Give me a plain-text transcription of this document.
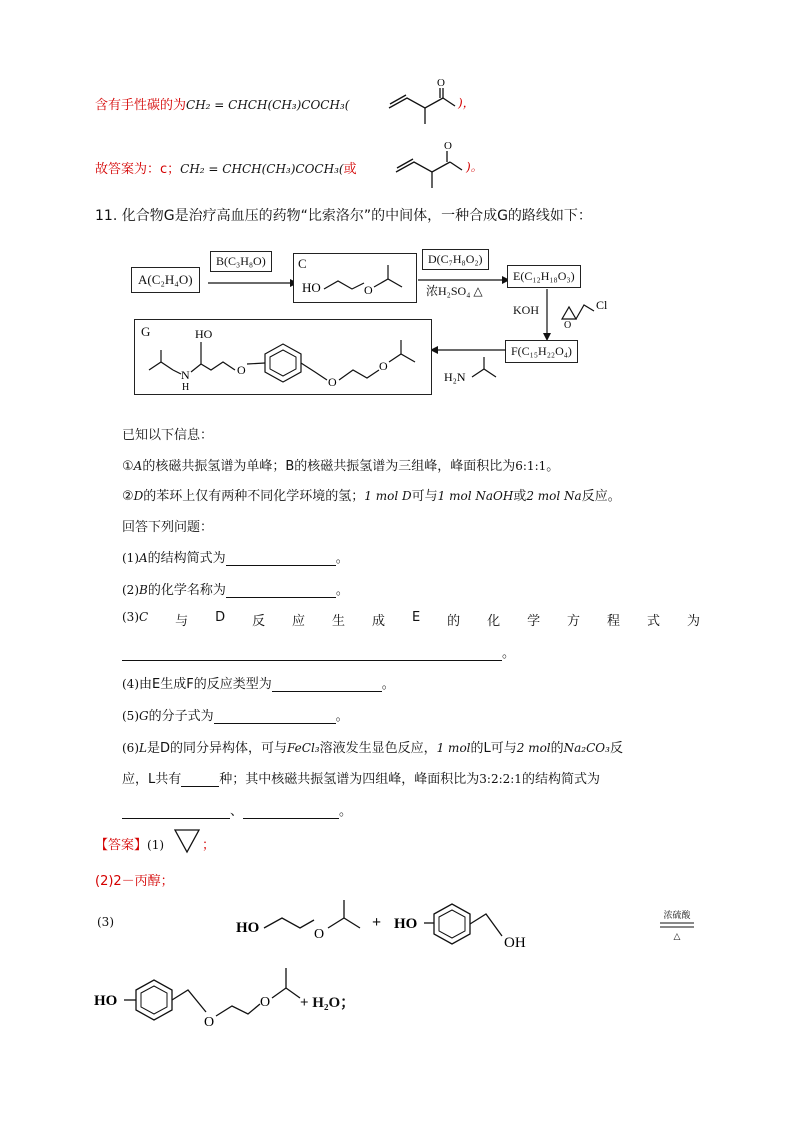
含有手性碳的为CH₂ = CHCH(CH₃)COCH₃(
O
)，
故答案为：c；CH₂ = CHCH(CH₃)COCH₃(或
O
)。
11. 化合物G是治疗高血压的药物“比索洛尔”的中间体，一种合成G的路线如下：
A(C₂H₄O)
B(C₃H₈O)	C
HO	O
D(C₇H₈O₂)
浓H₂SO₄ △
E(C₁₂H₁₈O₃)
KOH
O
Cl
F(C₁₅H₂₂O₄)
H₂N
G
N
H
HO
O
O
O
已知以下信息：
①A的核磁共振氢谱为单峰；B的核磁共振氢谱为三组峰，峰面积比为6:1:1。
②D的苯环上仅有两种不同化学环境的氢；1 mol D可与1 mol NaOH或2 mol Na反应。
回答下列问题：
(1)A的结构简式为	。
(2)B的化学名称为	。
(3)C 与 D 反 应 生 成 E 的 化 学 方 程 式 为
。
(4)由E生成F的反应类型为	。
(5)G的分子式为	。
(6)L是D的同分异构体，可与FeCl₃溶液发生显色反应，1 mol的L可与2 mol的Na₂CO₃反
应，L共有	种；其中核磁共振氢谱为四组峰，峰面积比为3:2:2:1的结构简式为
、	。
【答案】(1)	；
(2)2－丙醇；
(3)	HO	O
+ HO
OH
浓硫酸
△
HO
O
O + H₂O；
